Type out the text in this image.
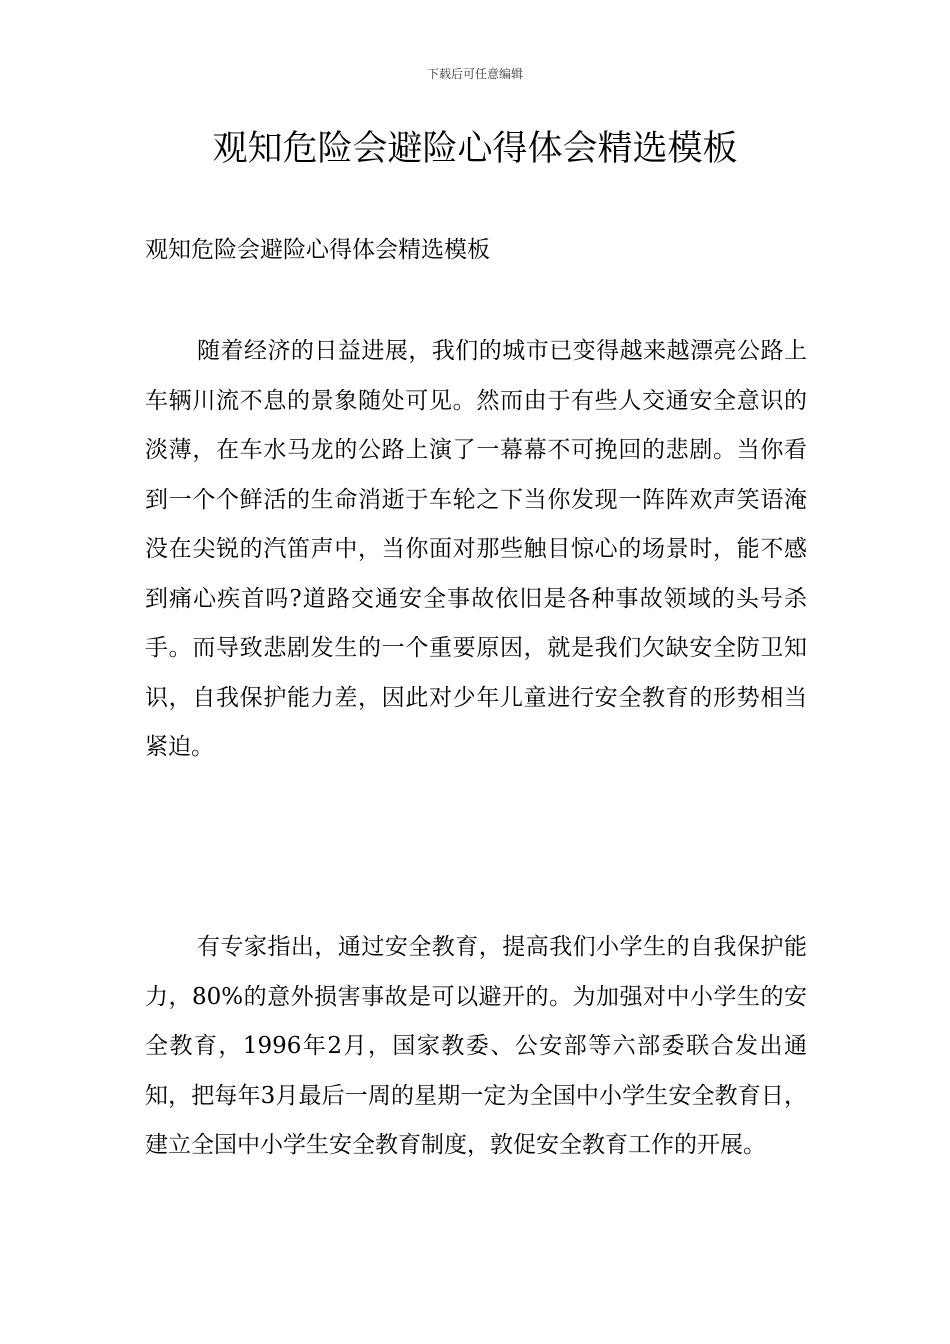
下载后可任意编辑
观知危险会避险心得体会精选模板

观知危险会避险心得体会精选模板

随着经济的日益进展，我们的城市已变得越来越漂亮公路上车辆川流不息的景象随处可见。然而由于有些人交通安全意识的淡薄，在车水马龙的公路上演了一幕幕不可挽回的悲剧。当你看到一个个鲜活的生命消逝于车轮之下当你发现一阵阵欢声笑语淹没在尖锐的汽笛声中，当你面对那些触目惊心的场景时，能不感到痛心疾首吗?道路交通安全事故依旧是各种事故领域的头号杀手。而导致悲剧发生的一个重要原因，就是我们欠缺安全防卫知识，自我保护能力差，因此对少年儿童进行安全教育的形势相当紧迫。

有专家指出，通过安全教育，提高我们小学生的自我保护能力，80%的意外损害事故是可以避开的。为加强对中小学生的安全教育，1996年2月，国家教委、公安部等六部委联合发出通知，把每年3月最后一周的星期一定为全国中小学生安全教育日，建立全国中小学生安全教育制度，敦促安全教育工作的开展。
